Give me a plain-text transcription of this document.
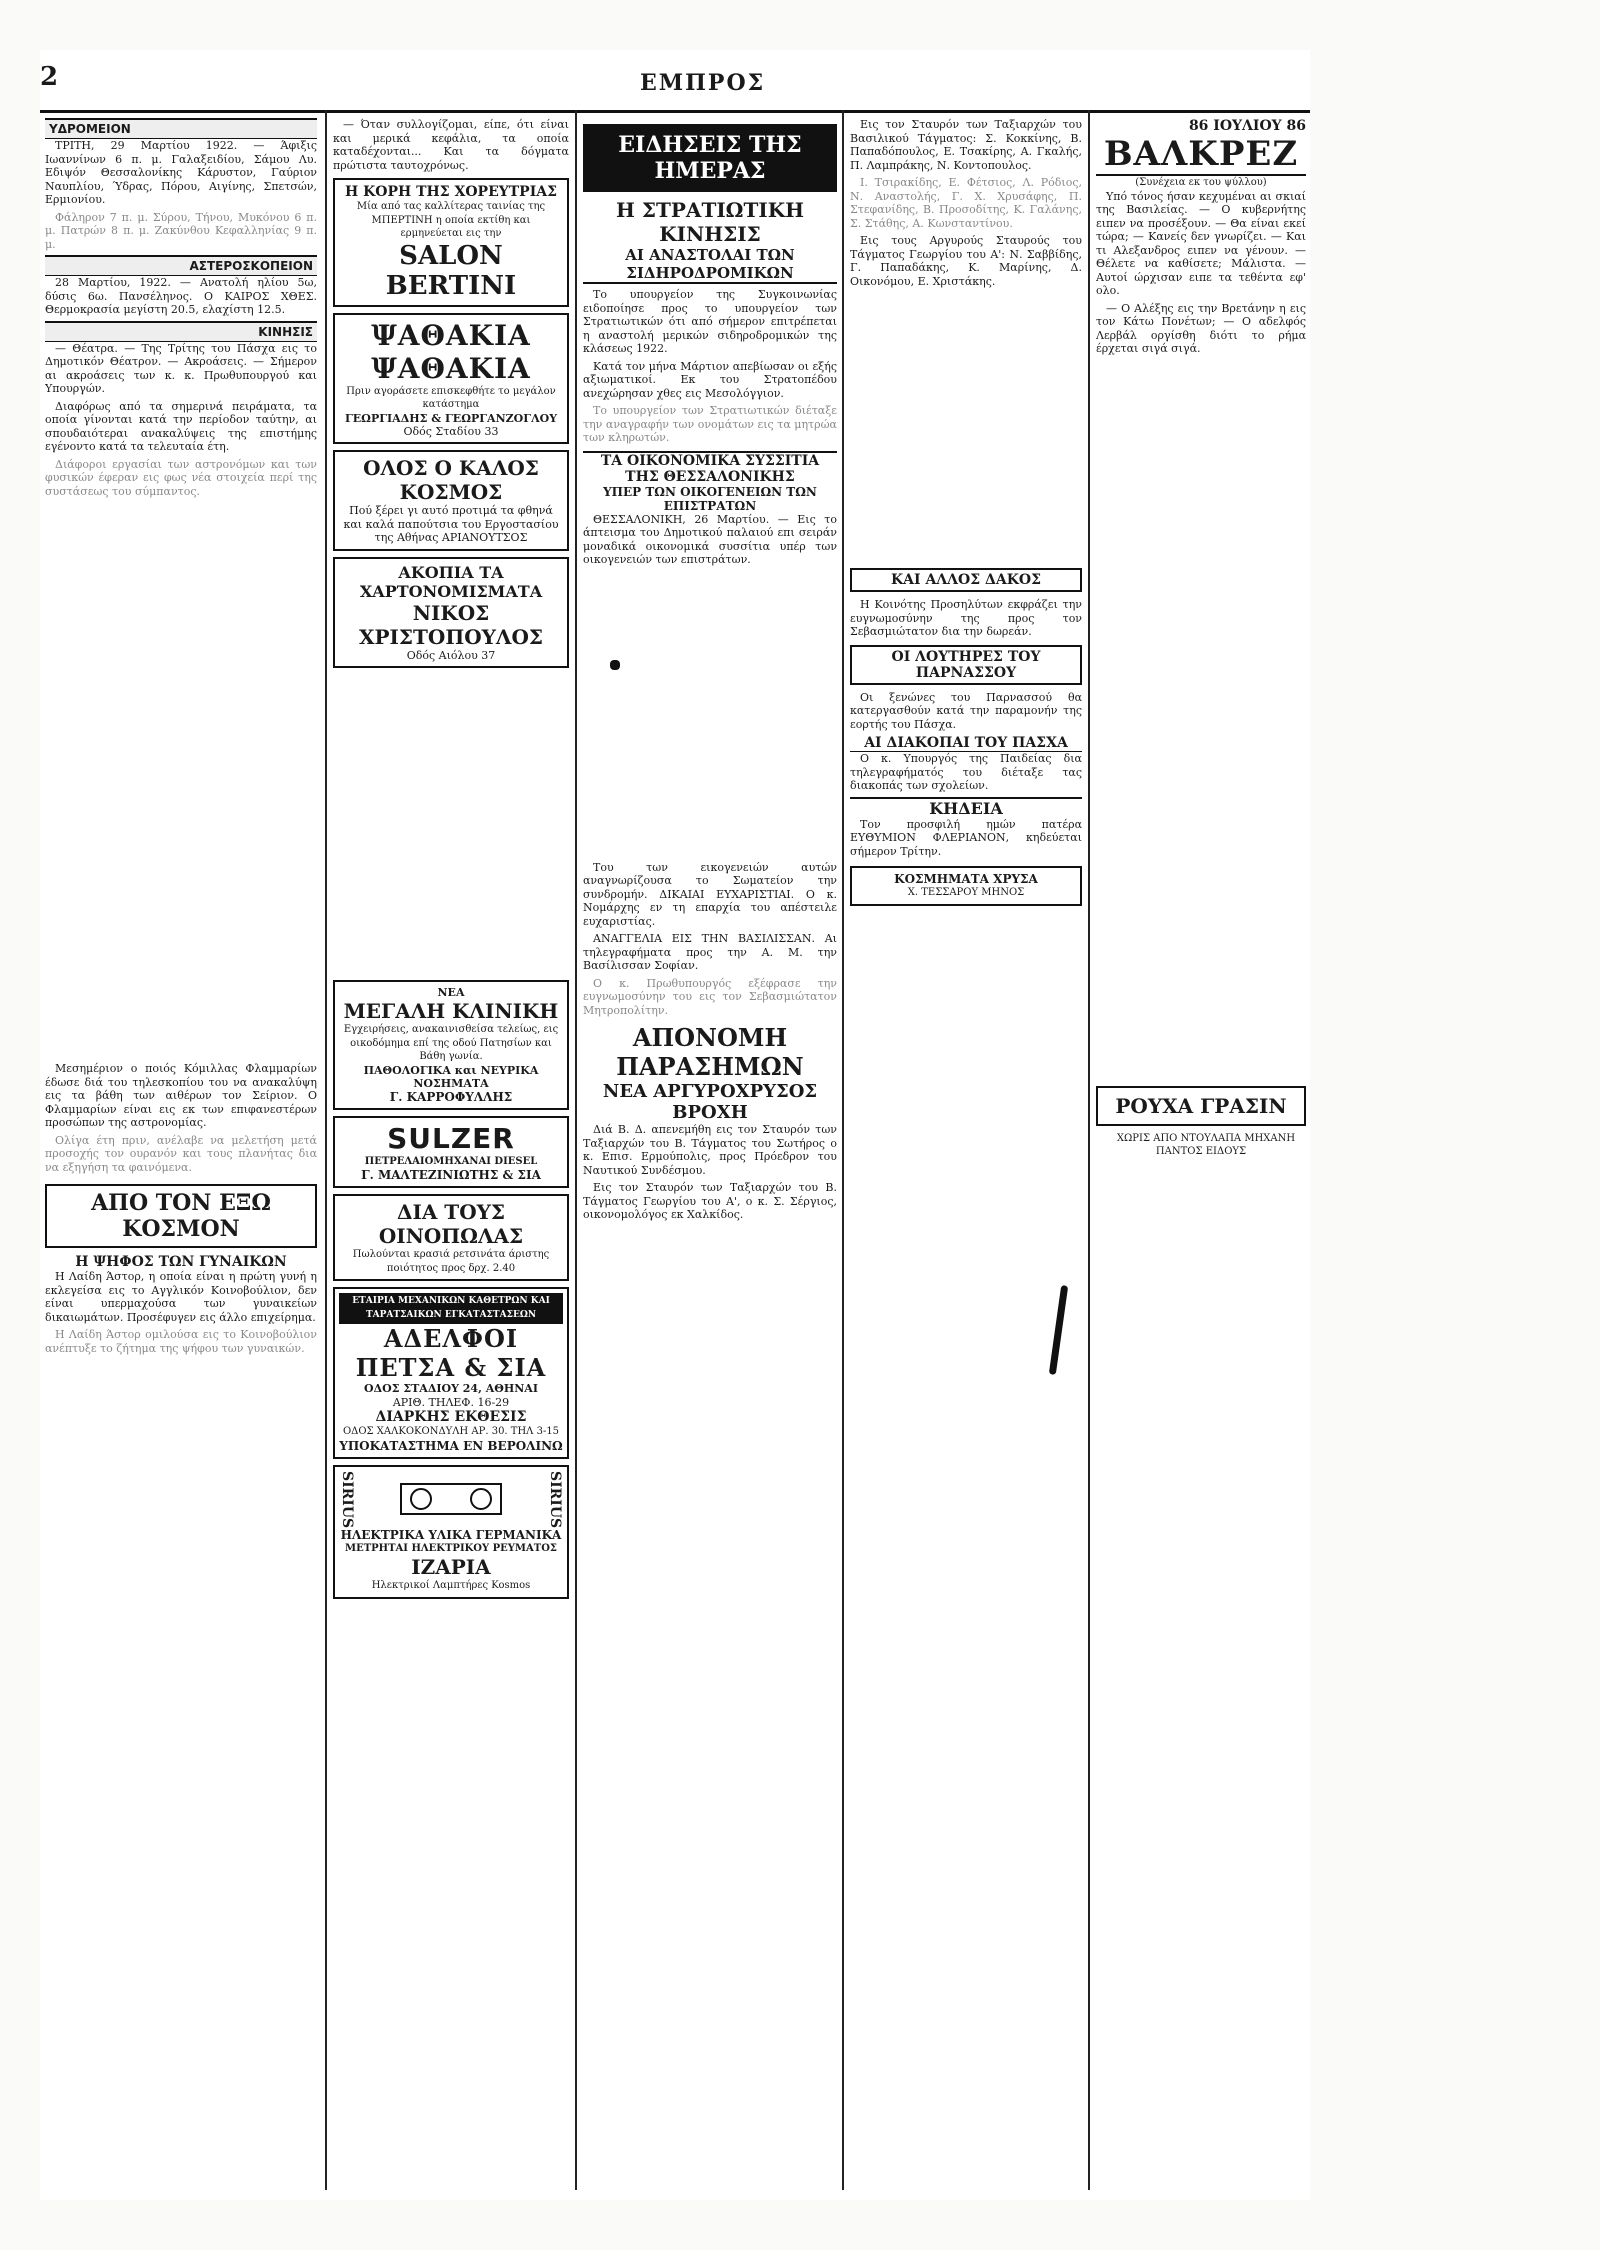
2	ΕΜΠΡΟΣ
ΥΔΡΟΜΕΙΟΝ

ΤΡΙΤΗ, 29 Μαρτίου 1922. — Άφιξις Ιωαννίνων 6 π. μ. Γαλαξειδίου, Σάμου Λυ. Εδιψόν Θεσσαλονίκης Κάρυστον, Γαύριον Ναυπλίου, Ύδρας, Πόρου, Αιγίνης, Σπετσών, Ερμιονίου.

Φάληρον 7 π. μ. Σύρου, Τήνου, Μυκόνου 6 π. μ. Πατρών 8 π. μ. Ζακύνθου Κεφαλληνίας 9 π. μ.

ΑΣΤΕΡΟΣΚΟΠΕΙΟΝ

28 Μαρτίου, 1922. — Ανατολή ηλίου 5ω, δύσις 6ω. Πανσέληνος. Ο ΚΑΙΡΟΣ ΧΘΕΣ. Θερμοκρασία μεγίστη 20.5, ελαχίστη 12.5.

ΚΙΝΗΣΙΣ

— Θέατρα. — Της Τρίτης του Πάσχα εις το Δημοτικόν Θέατρον. — Ακροάσεις. — Σήμερον αι ακροάσεις των κ. κ. Πρωθυπουργού και Υπουργών.

Διαφόρως από τα σημερινά πειράματα, τα οποία γίνονται κατά την περίοδον ταύτην, αι σπουδαιότεραι ανακαλύψεις της επιστήμης εγένοντο κατά τα τελευταία έτη.

Διάφοροι εργασίαι των αστρονόμων και των φυσικών έφεραν εις φως νέα στοιχεία περί της συστάσεως του σύμπαντος.

Μεσημέριον ο ποιός Κόμιλλας Φλαμμαρίων έδωσε διά του τηλεσκοπίου του να ανακαλύψη εις τα βάθη των αιθέρων τον Σείριον. Ο Φλαμμαρίων είναι εις εκ των επιφανεστέρων προσώπων της αστρονομίας.

Ολίγα έτη πριν, ανέλαβε να μελετήση μετά προσοχής τον ουρανόν και τους πλανήτας δια να εξηγήση τα φαινόμενα.

ΑΠΟ ΤΟΝ ΕΞΩ ΚΟΣΜΟΝ
Η ΨΗΦΟΣ ΤΩΝ ΓΥΝΑΙΚΩΝ

Η Λαίδη Άστορ, η οποία είναι η πρώτη γυνή η εκλεγείσα εις το Αγγλικόν Κοινοβούλιον, δεν είναι υπερμαχούσα των γυναικείων δικαιωμάτων. Προσέφυγεν εις άλλο επιχείρημα.

Η Λαίδη Άστορ ομιλούσα εις το Κοινοβούλιον ανέπτυξε το ζήτημα της ψήφου των γυναικών.

— Όταν συλλογίζομαι, είπε, ότι είναι και μερικά κεφάλια, τα οποία καταδέχονται... Και τα δόγματα πρώτιστα ταυτοχρόνως.

Η ΚΟΡΗ ΤΗΣ ΧΟΡΕΥΤΡΙΑΣ
Μία από τας καλλίτερας ταινίας της ΜΠΕΡΤΙΝΗ η οποία εκτίθη και ερμηνεύεται εις την
SALON BERTINI
ΨΑΘΑΚΙΑ
ΨΑΘΑΚΙΑ
Πριν αγοράσετε επισκεφθήτε το μεγάλον κατάστημα
ΓΕΩΡΓΙΑΔΗΣ & ΓΕΩΡΓΑΝΖΟΓΛΟΥ
Οδός Σταδίου 33
ΟΛΟΣ Ο ΚΑΛΟΣ ΚΟΣΜΟΣ
Πού ξέρει γι αυτό προτιμά τα φθηνά και καλά παπούτσια του Εργοστασίου της Αθήνας ΑΡΙΑΝΟΥΤΣΟΣ
ΑΚΟΠΙΑ ΤΑ ΧΑΡΤΟΝΟΜΙΣΜΑΤΑ
ΝΙΚΟΣ ΧΡΙΣΤΟΠΟΥΛΟΣ
Οδός Αιόλου 37
ΝΕΑ
ΜΕΓΑΛΗ ΚΛΙΝΙΚΗ
Εγχειρήσεις, ανακαινισθείσα τελείως, εις οικοδόμημα επί της οδού Πατησίων και Βάθη γωνία.
ΠΑΘΟΛΟΓΙΚΑ και ΝΕΥΡΙΚΑ ΝΟΣΗΜΑΤΑ
Γ. ΚΑΡΡΟΦΥΛΛΗΣ
SULZER
ΠΕΤΡΕΛΑΙΟΜΗΧΑΝΑΙ DIESEL
Γ. ΜΑΛΤΕΖΙΝΙΩΤΗΣ & ΣΙΑ
ΔΙΑ ΤΟΥΣ ΟΙΝΟΠΩΛΑΣ
Πωλούνται κρασιά ρετσινάτα άριστης ποιότητος προς δρχ. 2.40
ΕΤΑΙΡΙΑ ΜΕΧΑΝΙΚΩΝ ΚΑΘΕΤΡΩΝ ΚΑΙ ΤΑΡΑΤΣΑΙΚΩΝ ΕΓΚΑΤΑΣΤΑΣΕΩΝ
ΑΔΕΛΦΟΙ ΠΕΤΣΑ & ΣΙΑ
ΟΔΟΣ ΣΤΑΔΙΟΥ 24, ΑΘΗΝΑΙ
ΑΡΙΘ. ΤΗΛΕΦ. 16-29
ΔΙΑΡΚΗΣ ΕΚΘΕΣΙΣ
ΟΔΟΣ ΧΑΛΚΟΚΟΝΔΥΛΗ ΑΡ. 30. ΤΗΛ 3-15
ΥΠΟΚΑΤΑΣΤΗΜΑ ΕΝ ΒΕΡΟΛΙΝΩ
SIRIUS	SIRIUS
ΗΛΕΚΤΡΙΚΑ ΥΛΙΚΑ ΓΕΡΜΑΝΙΚΑ
ΜΕΤΡΗΤΑΙ ΗΛΕΚΤΡΙΚΟΥ ΡΕΥΜΑΤΟΣ
ΙΖΑΡΙΑ
Ηλεκτρικοί Λαμπτήρες Kosmos
ΕΙΔΗΣΕΙΣ ΤΗΣ ΗΜΕΡΑΣ
Η ΣΤΡΑΤΙΩΤΙΚΗ ΚΙΝΗΣΙΣ
ΑΙ ΑΝΑΣΤΟΛΑΙ ΤΩΝ ΣΙΔΗΡΟΔΡΟΜΙΚΩΝ

Το υπουργείον της Συγκοινωνίας ειδοποίησε προς το υπουργείον των Στρατιωτικών ότι από σήμερον επιτρέπεται η αναστολή μερικών σιδηροδρομικών της κλάσεως 1922.

Κατά τον μήνα Μάρτιον απεβίωσαν οι εξής αξιωματικοί. Εκ του Στρατοπέδου ανεχώρησαν χθες εις Μεσολόγγιον.

Το υπουργείον των Στρατιωτικών διέταξε την αναγραφήν των ονομάτων εις τα μητρώα των κληρωτών.

ΤΑ ΟΙΚΟΝΟΜΙΚΑ ΣΥΣΣΙΤΙΑ ΤΗΣ ΘΕΣΣΑΛΟΝΙΚΗΣ
ΥΠΕΡ ΤΩΝ ΟΙΚΟΓΕΝΕΙΩΝ ΤΩΝ ΕΠΙΣΤΡΑΤΩΝ

ΘΕΣΣΑΛΟΝΙΚΗ, 26 Μαρτίου. — Εις το άπτεισμα του Δημοτικού παλαιού επι σειράν μοναδικά οικονομικά συσσίτια υπέρ των οικογενειών των επιστράτων.

Του των εικογενειών αυτών αναγνωρίζουσα το Σωματείον την συνδρομήν. ΔΙΚΑΙΑΙ ΕΥΧΑΡΙΣΤΙΑΙ. Ο κ. Νομάρχης εν τη επαρχία του απέστειλε ευχαριστίας.

ΑΝΑΓΓΕΛΙΑ ΕΙΣ ΤΗΝ ΒΑΣΙΛΙΣΣΑΝ. Αι τηλεγραφήματα προς την Α. Μ. την Βασίλισσαν Σοφίαν.

Ο κ. Πρωθυπουργός εξέφρασε την ευγνωμοσύνην του εις τον Σεβασμιώτατον Μητροπολίτην.

ΑΠΟΝΟΜΗ ΠΑΡΑΣΗΜΩΝ
ΝΕΑ ΑΡΓΥΡΟΧΡΥΣΟΣ ΒΡΟΧΗ

Διά Β. Δ. απενεμήθη εις τον Σταυρόν των Ταξιαρχών του Β. Τάγματος του Σωτήρος ο κ. Επισ. Ερμούπολις, προς Πρόεδρον του Ναυτικού Συνδέσμου.

Εις τον Σταυρόν των Ταξιαρχών του Β. Τάγματος Γεωργίου του Α', ο κ. Σ. Σέργιος, οικονομολόγος εκ Χαλκίδος.

Εις τον Σταυρόν των Ταξιαρχών του Βασιλικού Τάγματος: Σ. Κοκκίνης, Β. Παπαδόπουλος, Ε. Τσακίρης, Α. Γκαλής, Π. Λαμπράκης, Ν. Κοντοπουλος.

Ι. Τσιρακίδης, Ε. Φέτσιος, Λ. Ρόδιος, Ν. Αναστολής, Γ. Χ. Χρυσάφης, Π. Στεφανίδης, Β. Προσοδίτης, Κ. Γαλάνης, Σ. Στάθης, Α. Κωνσταντίνου.

Εις τους Αργυρούς Σταυρούς του Τάγματος Γεωργίου του Α': Ν. Σαββίδης, Γ. Παπαδάκης, Κ. Μαρίνης, Δ. Οικονόμου, Ε. Χριστάκης.

ΚΑΙ ΑΛΛΟΣ ΔΑΚΟΣ

Η Κοινότης Προσηλύτων εκφράζει την ευγνωμοσύνην της προς τον Σεβασμιώτατον δια την δωρεάν.

ΟΙ ΛΟΥΤΗΡΕΣ ΤΟΥ ΠΑΡΝΑΣΣΟΥ

Οι ξενώνες του Παρνασσού θα κατεργασθούν κατά την παραμονήν της εορτής του Πάσχα.

ΑΙ ΔΙΑΚΟΠΑΙ ΤΟΥ ΠΑΣΧΑ

Ο κ. Υπουργός της Παιδείας δια τηλεγραφήματός του διέταξε τας διακοπάς των σχολείων.

ΚΗΔΕΙΑ

Τον προσφιλή ημών πατέρα ΕΥΘΥΜΙΟΝ ΦΛΕΡΙΑΝΟΝ, κηδεύεται σήμερον Τρίτην.

ΚΟΣΜΗΜΑΤΑ ΧΡΥΣΑ
Χ. ΤΕΣΣΑΡΟΥ ΜΗΝΟΣ
86 ΙΟΥΛΙΟΥ 86
ΒΑΛΚΡΕΖ
(Συνέχεια εκ του ψύλλου)

Υπό τόνος ήσαν κεχυμέναι αι σκιαί της Βασιλείας. — Ο κυβερνήτης ειπεν να προσέξουν. — Θα είναι εκεί τώρα; — Κανείς δεν γνωρίζει. — Και τι Αλεξανδρος ειπεν να γένουν. — Θέλετε να καθίσετε; Μάλιστα. — Αυτοί ώρχισαν ειπε τα τεθέντα εφ' ολο.

— Ο Αλέξης εις την Βρετάνην η εις τον Κάτω Πονέτων; — Ο αδελφός Λερβάλ οργίσθη διότι το ρήμα έρχεται σιγά σιγά.

ΡΟΥΧΑ ΓΡΑΣΙΝ

ΧΩΡΙΣ ΑΠΟ ΝΤΟΥΛΑΠΑ ΜΗΧΑΝΗ ΠΑΝΤΟΣ ΕΙΔΟΥΣ
